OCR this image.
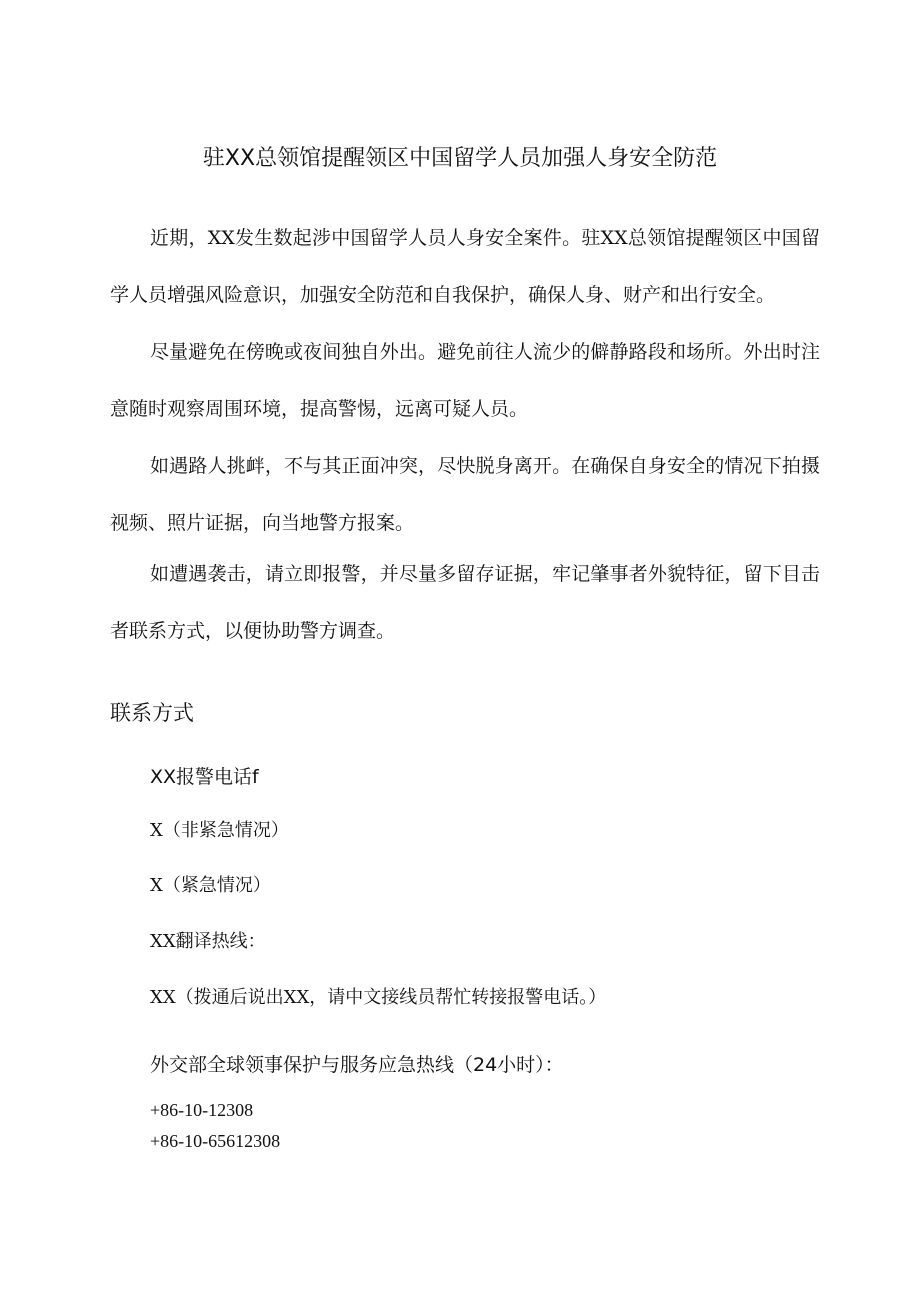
驻XX总领馆提醒领区中国留学人员加强人身安全防范

近期，XX发生数起涉中国留学人员人身安全案件。驻XX总领馆提醒领区中国留学人员增强风险意识，加强安全防范和自我保护，确保人身、财产和出行安全。

尽量避免在傍晚或夜间独自外出。避免前往人流少的僻静路段和场所。外出时注意随时观察周围环境，提高警惕，远离可疑人员。

如遇路人挑衅，不与其正面冲突，尽快脱身离开。在确保自身安全的情况下拍摄视频、照片证据，向当地警方报案。

如遭遇袭击，请立即报警，并尽量多留存证据，牢记肇事者外貌特征，留下目击者联系方式，以便协助警方调查。

联系方式
XX报警电话f
X（非紧急情况）
X（紧急情况）
XX翻译热线：
XX（拨通后说出XX，请中文接线员帮忙转接报警电话。）
外交部全球领事保护与服务应急热线（24小时）：
+86-10-12308
+86-10-65612308
